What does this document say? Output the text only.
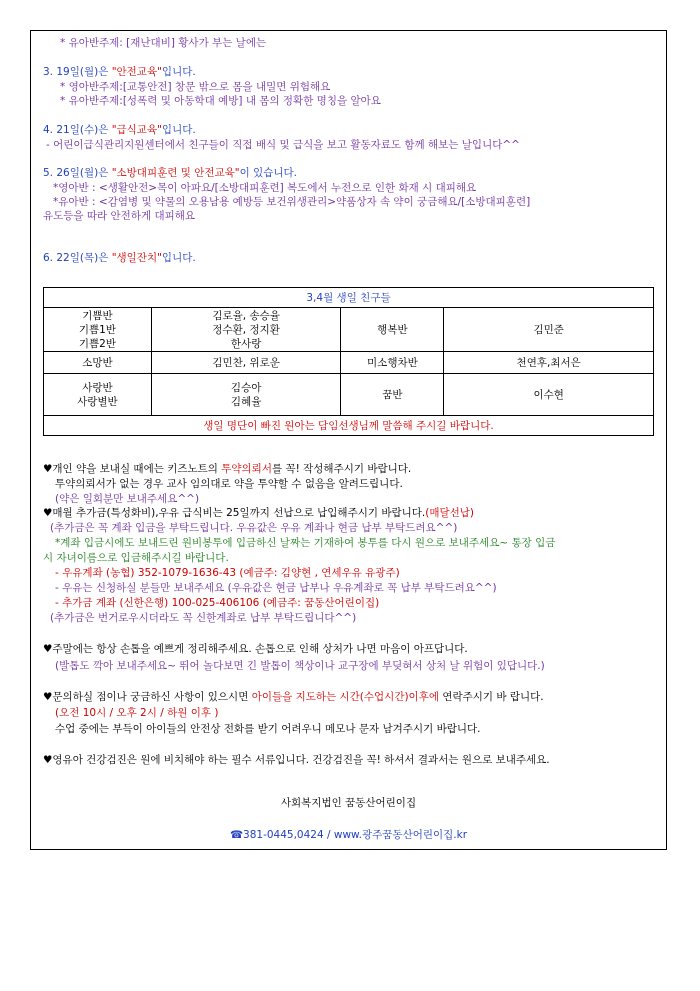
* 유아반주제: [재난대비] 황사가 부는 날에는
3. 19일(월)은 "안전교육"입니다.
* 영아반주제:[교통안전] 창문 밖으로 몸을 내밀면 위험해요
* 유아반주제:[성폭력 및 아동학대 예방] 내 몸의 정확한 명칭을 알아요
4. 21일(수)은 "급식교육"입니다.
- 어린이급식관리지원센터에서 친구들이 직접 배식 및 급식을 보고 활동자료도 함께 해보는 날입니다^^
5. 26일(월)은 "소방대피훈련 및 안전교육"이 있습니다.
*영아반 : <생활안전>목이 아파요/[소방대피훈련] 복도에서 누전으로 인한 화재 시 대피해요
*유아반 : <감염병 및 약물의 오용남용 예방등 보건위생관리>약품상자 속 약이 궁금해요/[소방대피훈련]
유도등을 따라 안전하게 대피해요
6. 22일(목)은 "생일잔치"입니다.
3,4월 생일 친구들			
기쁨반
기쁨1반
기쁨2반	김로율, 송승율
정수환, 정지환
한사랑	행복반	김민준
소망반	김민찬, 위로운	미소행차반	천연후,최서은
사랑반
사랑별반	김승아
김혜율	꿈반	이수현
생일 명단이 빠진 원아는 담임선생님께 말씀해 주시길 바랍니다.			
♥개인 약을 보내실 때에는 키즈노트의 투약의뢰서를 꼭! 작성해주시기 바랍니다.
투약의뢰서가 없는 경우 교사 임의대로 약을 투약할 수 없음을 알려드립니다.
(약은 일회분만 보내주세요^^)
♥매월 추가금(특성화비),우유 급식비는 25일까지 선납으로 납입해주시기 바랍니다.(매달선납)
(추가금은 꼭 계좌 입금을 부탁드립니다. 우유값은 우유 계좌나 현금 납부 부탁드려요^^)
*계좌 입금시에도 보내드린 원비봉투에 입금하신 날짜는 기재하여 봉투를 다시 원으로 보내주세요~ 통장 입금
시 자녀이름으로 입금해주시길 바랍니다.
- 우유계좌 (농협) 352-1079-1636-43 (예금주: 김양현 , 연세우유 유광주)
- 우유는 신청하실 분들만 보내주세요 (우유값은 현금 납부나 우유계좌로 꼭 납부 부탁드려요^^)
- 추가금 계좌 (신한은행) 100-025-406106 (예금주: 꿈동산어린이집)
(추가금은 번거로우시더라도 꼭 신한계좌로 납부 부탁드립니다^^)
♥주말에는 항상 손톱을 예쁘게 정리해주세요. 손톱으로 인해 상처가 나면 마음이 아프답니다.
(발톱도 깍아 보내주세요~ 뛰어 놀다보면 긴 발톱이 책상이나 교구장에 부딪혀서 상처 날 위험이 있답니다.)
♥문의하실 점이나 궁금하신 사항이 있으시면 아이들을 지도하는 시간(수업시간)이후에 연락주시기 바 랍니다.
(오전 10시 / 오후 2시 / 하원 이후 )
수업 중에는 부득이 아이들의 안전상 전화를 받기 어려우니 메모나 문자 남겨주시기 바랍니다.
♥영유아 건강검진은 원에 비치해야 하는 필수 서류입니다. 건강검진을 꼭! 하셔서 결과서는 원으로 보내주세요.
사회복지법인 꿈동산어린이집
☎381-0445,0424 / www.광주꿈동산어린이집.kr
